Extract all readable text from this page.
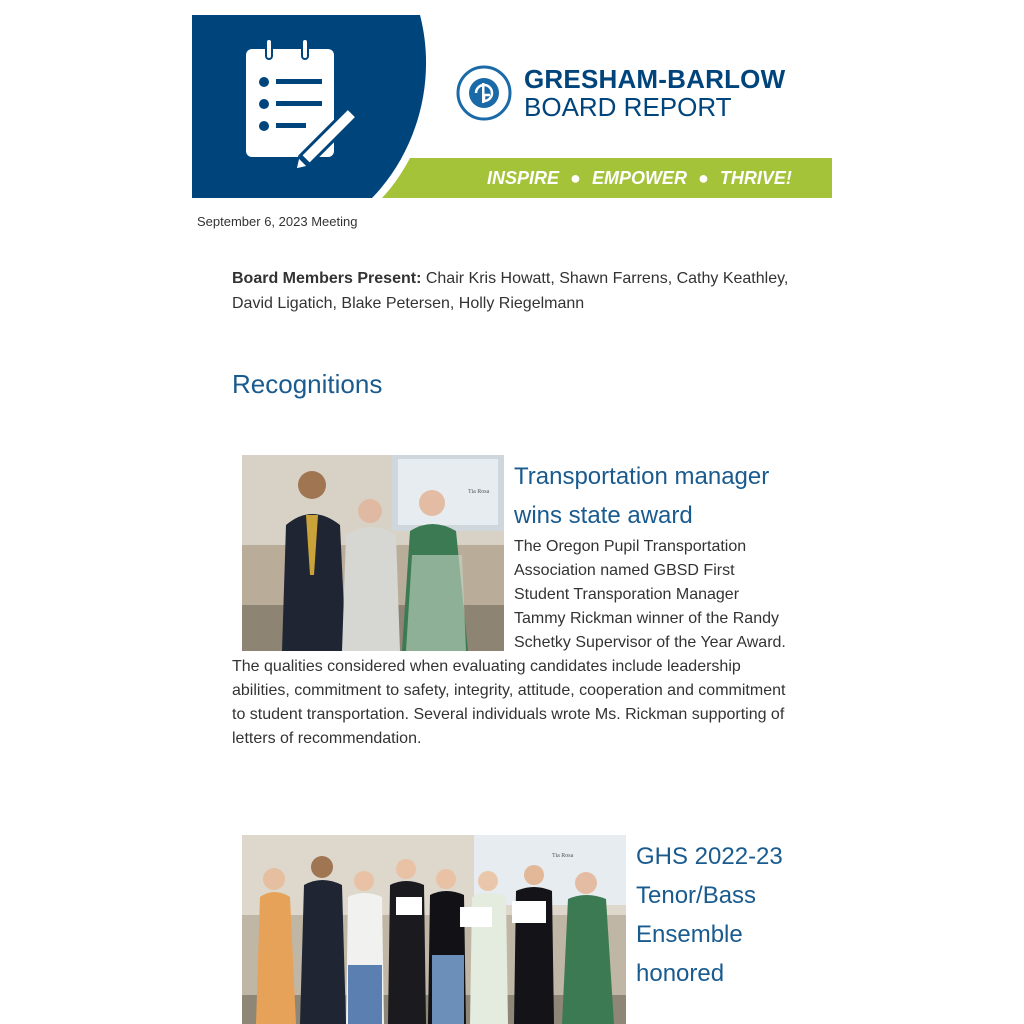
GRESHAM-BARLOW
BOARD REPORT
INSPIRE ● EMPOWER ● THRIVE!
September 6, 2023 Meeting

Board Members Present: Chair Kris Howatt, Shawn Farrens, Cathy Keathley, David Ligatich, Blake Petersen, Holly Riegelmann

Recognitions
Tia Rosa
Transportation manager wins state award

The Oregon Pupil Transportation Association named GBSD First Student Transporation Manager Tammy Rickman winner of the Randy Schetky Supervisor of the Year Award. The qualities considered when evaluating candidates include leadership abilities, commitment to safety, integrity, attitude, cooperation and commitment to student transportation. Several individuals wrote Ms. Rickman supporting of letters of recommendation.

Tia Rosa	GHS 2022-23 Tenor/Bass Ensemble honored
